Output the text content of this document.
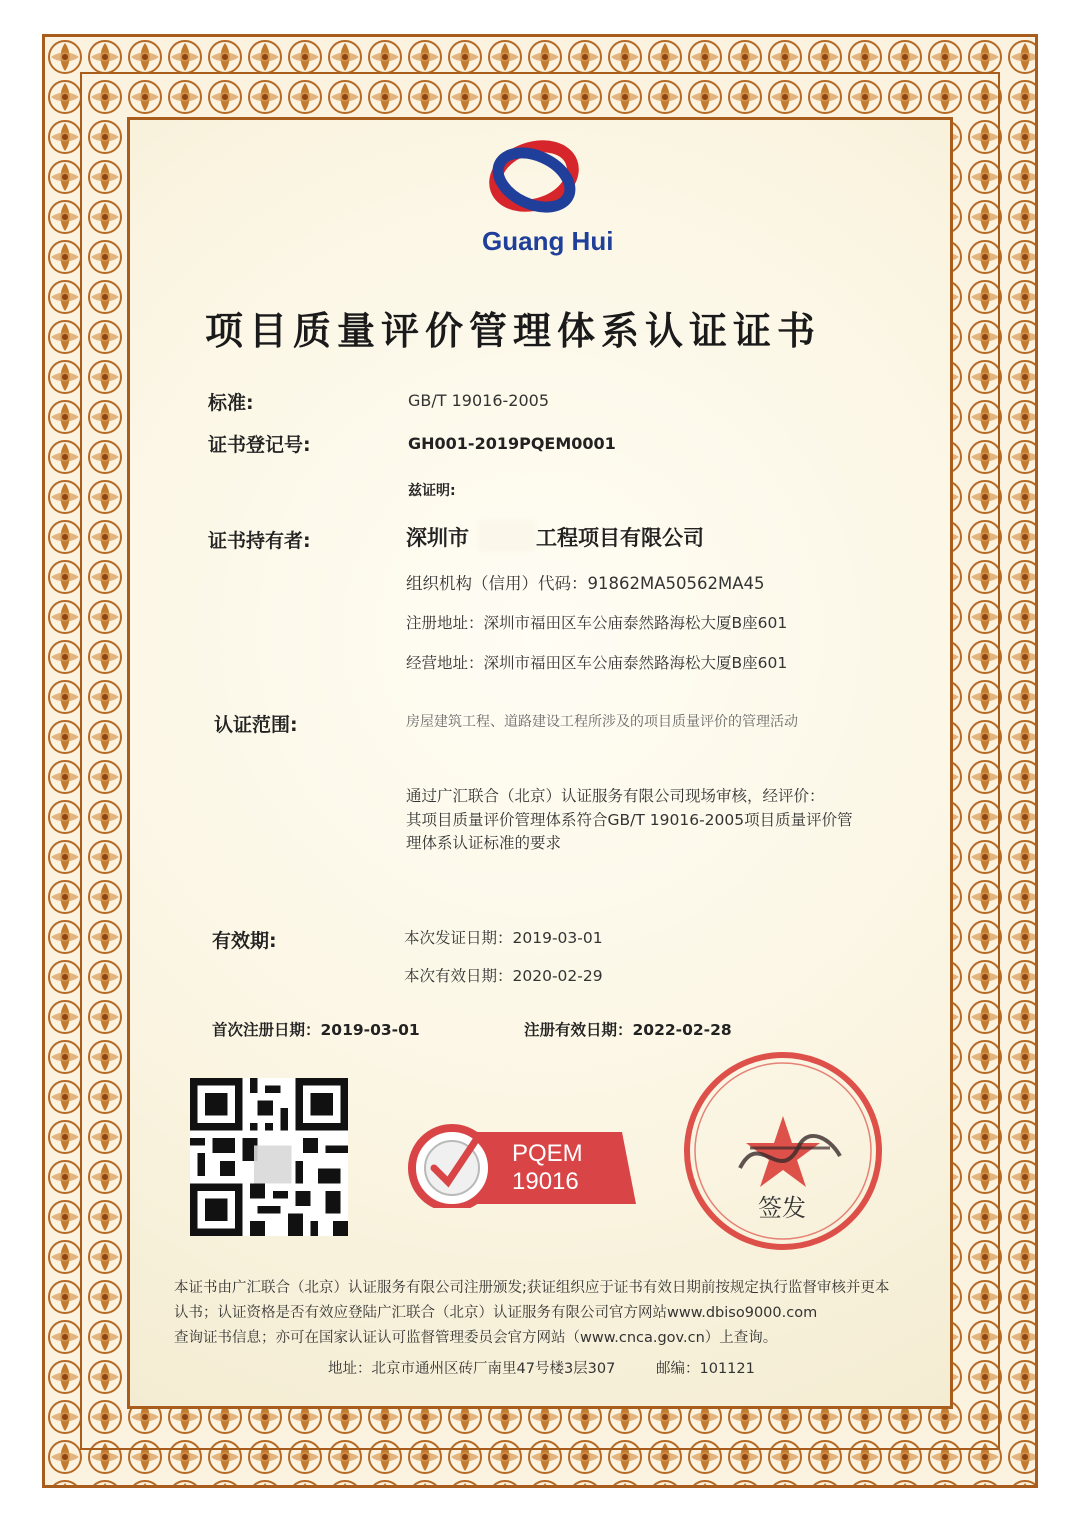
Guang Hui
项目质量评价管理体系认证证书
标准:	GB/T 19016-2005
证书登记号:	GH001-2019PQEM0001
兹证明:
证书持有者:	深圳市	工程项目有限公司
组织机构（信用）代码：91862MA50562MA45
注册地址：深圳市福田区车公庙泰然路海松大厦B座601
经营地址：深圳市福田区车公庙泰然路海松大厦B座601
认证范围:	房屋建筑工程、道路建设工程所涉及的项目质量评价的管理活动
通过广汇联合（北京）认证服务有限公司现场审核，经评价：
其项目质量评价管理体系符合GB/T 19016-2005项目质量评价管
理体系认证标准的要求
有效期:	本次发证日期：2019-03-01
本次有效日期：2020-02-29
首次注册日期：2019-03-01	注册有效日期：2022-02-28
PQEM
19016
签发
本证书由广汇联合（北京）认证服务有限公司注册颁发;获证组织应于证书有效日期前按规定执行监督审核并更本
认书；认证资格是否有效应登陆广汇联合（北京）认证服务有限公司官方网站www.dbiso9000.com
查询证书信息；亦可在国家认证认可监督管理委员会官方网站（www.cnca.gov.cn）上查询。
地址：北京市通州区砖厂南里47号楼3层307	邮编：101121
